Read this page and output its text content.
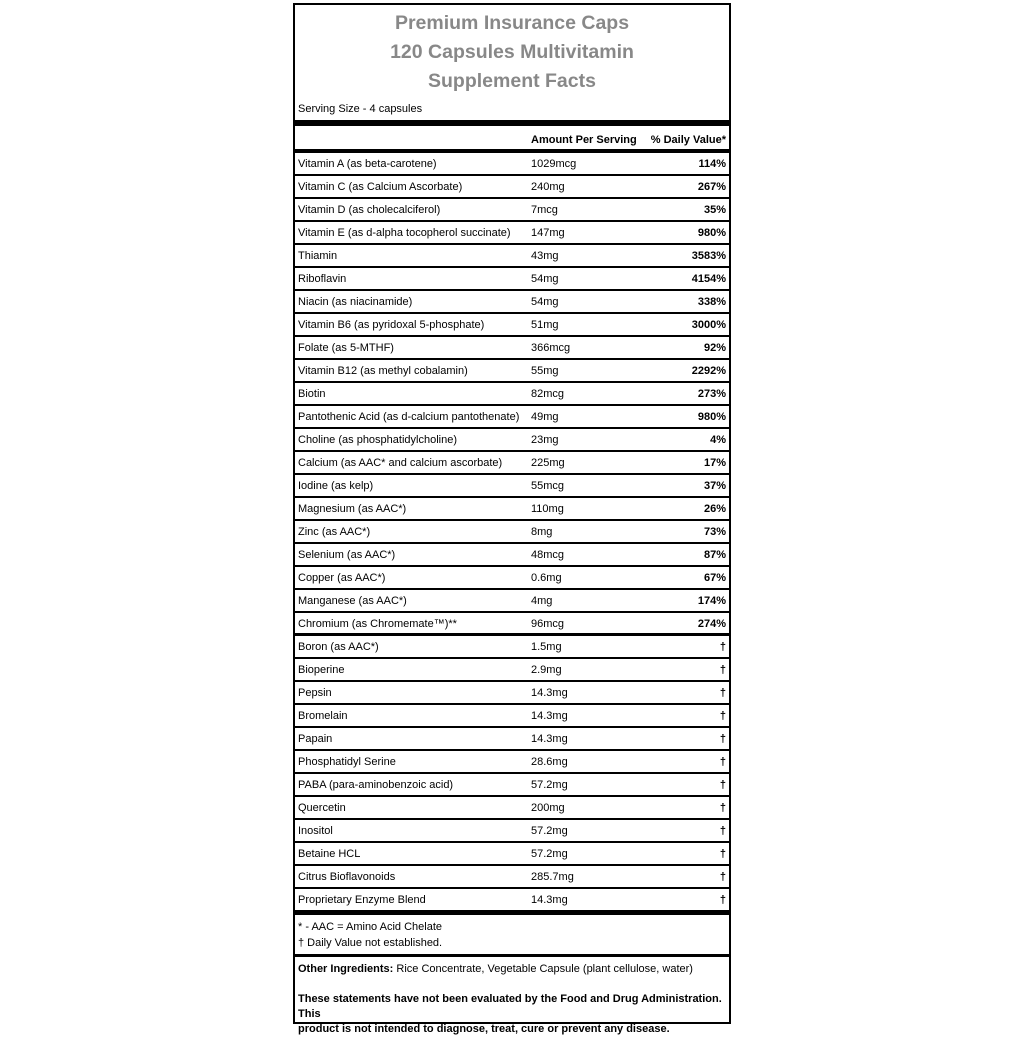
Premium Insurance Caps
120 Capsules Multivitamin
Supplement Facts
Serving Size - 4 capsules
Amount Per Serving % Daily Value*
Vitamin A (as beta-carotene)	1029mcg	114%
Vitamin C (as Calcium Ascorbate)	240mg	267%
Vitamin D (as cholecalciferol)	7mcg	35%
Vitamin E (as d-alpha tocopherol succinate) 147mg	980%
Thiamin	43mg	3583%
Riboflavin	54mg	4154%
Niacin (as niacinamide)	54mg	338%
Vitamin B6 (as pyridoxal 5-phosphate)	51mg	3000%
Folate (as 5-MTHF)	366mcg	92%
Vitamin B12 (as methyl cobalamin)	55mg	2292%
Biotin	82mcg	273%
Pantothenic Acid (as d-calcium pantothenate) 49mg	980%
Choline (as phosphatidylcholine)	23mg	4%
Calcium (as AAC* and calcium ascorbate)	225mg	17%
Iodine (as kelp)	55mcg	37%
Magnesium (as AAC*)	110mg	26%
Zinc (as AAC*)	8mg	73%
Selenium (as AAC*)	48mcg	87%
Copper (as AAC*)	0.6mg	67%
Manganese (as AAC*)	4mg	174%
Chromium (as Chromemate™)**	96mcg	274%
Boron (as AAC*)	1.5mg	†
Bioperine	2.9mg	†
Pepsin	14.3mg	†
Bromelain	14.3mg	†
Papain	14.3mg	†
Phosphatidyl Serine	28.6mg	†
PABA (para-aminobenzoic acid)	57.2mg	†
Quercetin	200mg	†
Inositol	57.2mg	†
Betaine HCL	57.2mg	†
Citrus Bioflavonoids	285.7mg	†
Proprietary Enzyme Blend	14.3mg	†
* - AAC = Amino Acid Chelate
† Daily Value not established.
Other Ingredients: Rice Concentrate, Vegetable Capsule (plant cellulose, water)
These statements have not been evaluated by the Food and Drug Administration. This
product is not intended to diagnose, treat, cure or prevent any disease.
